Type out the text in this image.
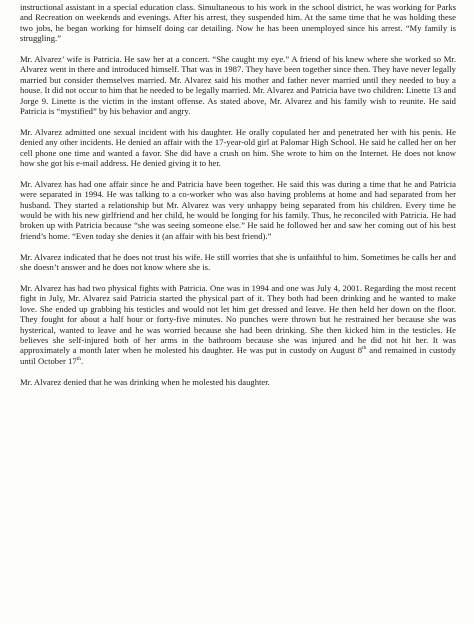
instructional assistant in a special education class. Simultaneous to his work in the school district, he was working for Parks and Recreation on weekends and evenings. After his arrest, they suspended him. At the same time that he was holding these two jobs, he began working for himself doing car detailing. Now he has been unemployed since his arrest. “My family is struggling.”

Mr. Alvarez’ wife is Patricia. He saw her at a concert. “She caught my eye.” A friend of his knew where she worked so Mr. Alvarez went in there and introduced himself. That was in 1987. They have been together since then. They have never legally married but consider themselves married. Mr. Alvarez said his mother and father never married until they needed to buy a house. It did not occur to him that he needed to be legally married. Mr. Alvarez and Patricia have two children: Linette 13 and Jorge 9. Linette is the victim in the instant offense. As stated above, Mr. Alvarez and his family wish to reunite. He said Patricia is “mystified” by his behavior and angry.

Mr. Alvarez admitted one sexual incident with his daughter. He orally copulated her and penetrated her with his penis. He denied any other incidents. He denied an affair with the 17-year-old girl at Palomar High School. He said he called her on her cell phone one time and wanted a favor. She did have a crush on him. She wrote to him on the Internet. He does not know how she got his e-mail address. He denied giving it to her.

Mr. Alvarez has had one affair since he and Patricia have been together. He said this was during a time that he and Patricia were separated in 1994. He was talking to a co-worker who was also having problems at home and had separated from her husband. They started a relationship but Mr. Alvarez was very unhappy being separated from his children. Every time he would be with his new girlfriend and her child, he would be longing for his family. Thus, he reconciled with Patricia. He had broken up with Patricia because “she was seeing someone else.” He said he followed her and saw her coming out of his best friend’s home. “Even today she denies it (an affair with his best friend).”

Mr. Alvarez indicated that he does not trust his wife. He still worries that she is unfaithful to him. Sometimes he calls her and she doesn’t answer and he does not know where she is.

Mr. Alvarez has had two physical fights with Patricia. One was in 1994 and one was July 4, 2001. Regarding the most recent fight in July, Mr. Alvarez said Patricia started the physical part of it. They both had been drinking and he wanted to make love. She ended up grabbing his testicles and would not let him get dressed and leave. He then held her down on the floor. They fought for about a half hour or forty-five minutes. No punches were thrown but he restrained her because she was hysterical, wanted to leave and he was worried because she had been drinking. She then kicked him in the testicles. He believes she self-injured both of her arms in the bathroom because she was injured and he did not hit her. It was approximately a month later when he molested his daughter. He was put in custody on August 8th and remained in custody until October 17th.

Mr. Alvarez denied that he was drinking when he molested his daughter.
